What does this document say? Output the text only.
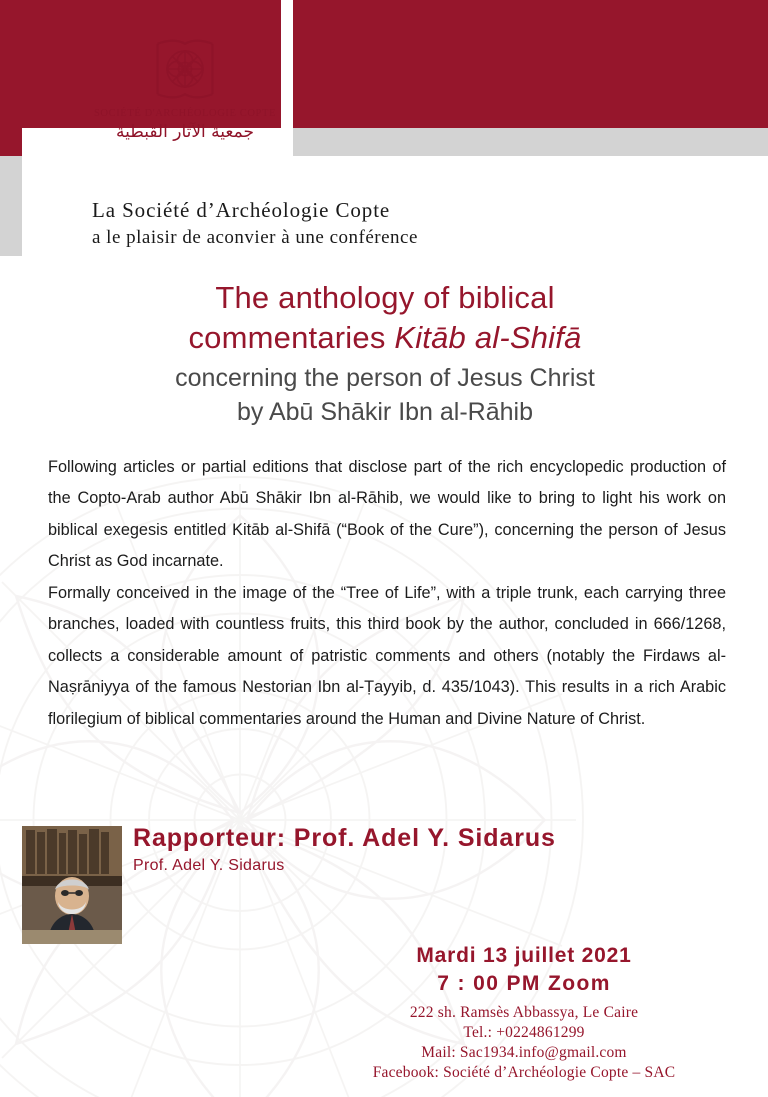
SOCIÉTÉ D'ARCHÉOLOGIE COPTE
جمعية الآثار القبطية
La Société d’Archéologie Copte
a le plaisir de aconvier à une conférence
The anthology of biblical
commentaries Kitāb al-Shifā
concerning the person of Jesus Christ
by Abū Shākir Ibn al-Rāhib

Following articles or partial editions that disclose part of the rich encyclopedic production of the Copto-Arab author Abū Shākir Ibn al-Rāhib, we would like to bring to light his work on biblical exegesis entitled Kitāb al-Shifā (“Book of the Cure”), concerning the person of Jesus Christ as God incarnate.

Formally conceived in the image of the “Tree of Life”, with a triple trunk, each carrying three branches, loaded with countless fruits, this third book by the author, concluded in 666/1268, collects a considerable amount of patristic comments and others (notably the Firdaws al-Naṣrāniyya of the famous Nestorian Ibn al-Ṭayyib, d. 435/1043). This results in a rich Arabic florilegium of biblical commentaries around the Human and Divine Nature of Christ.

Rapporteur: Prof. Adel Y. Sidarus
Prof. Adel Y. Sidarus
Mardi 13 juillet 2021
7 : 00 PM Zoom
222 sh. Ramsès Abbassya, Le Caire
Tel.: +0224861299
Mail: Sac1934.info@gmail.com
Facebook: Société d’Archéologie Copte – SAC
